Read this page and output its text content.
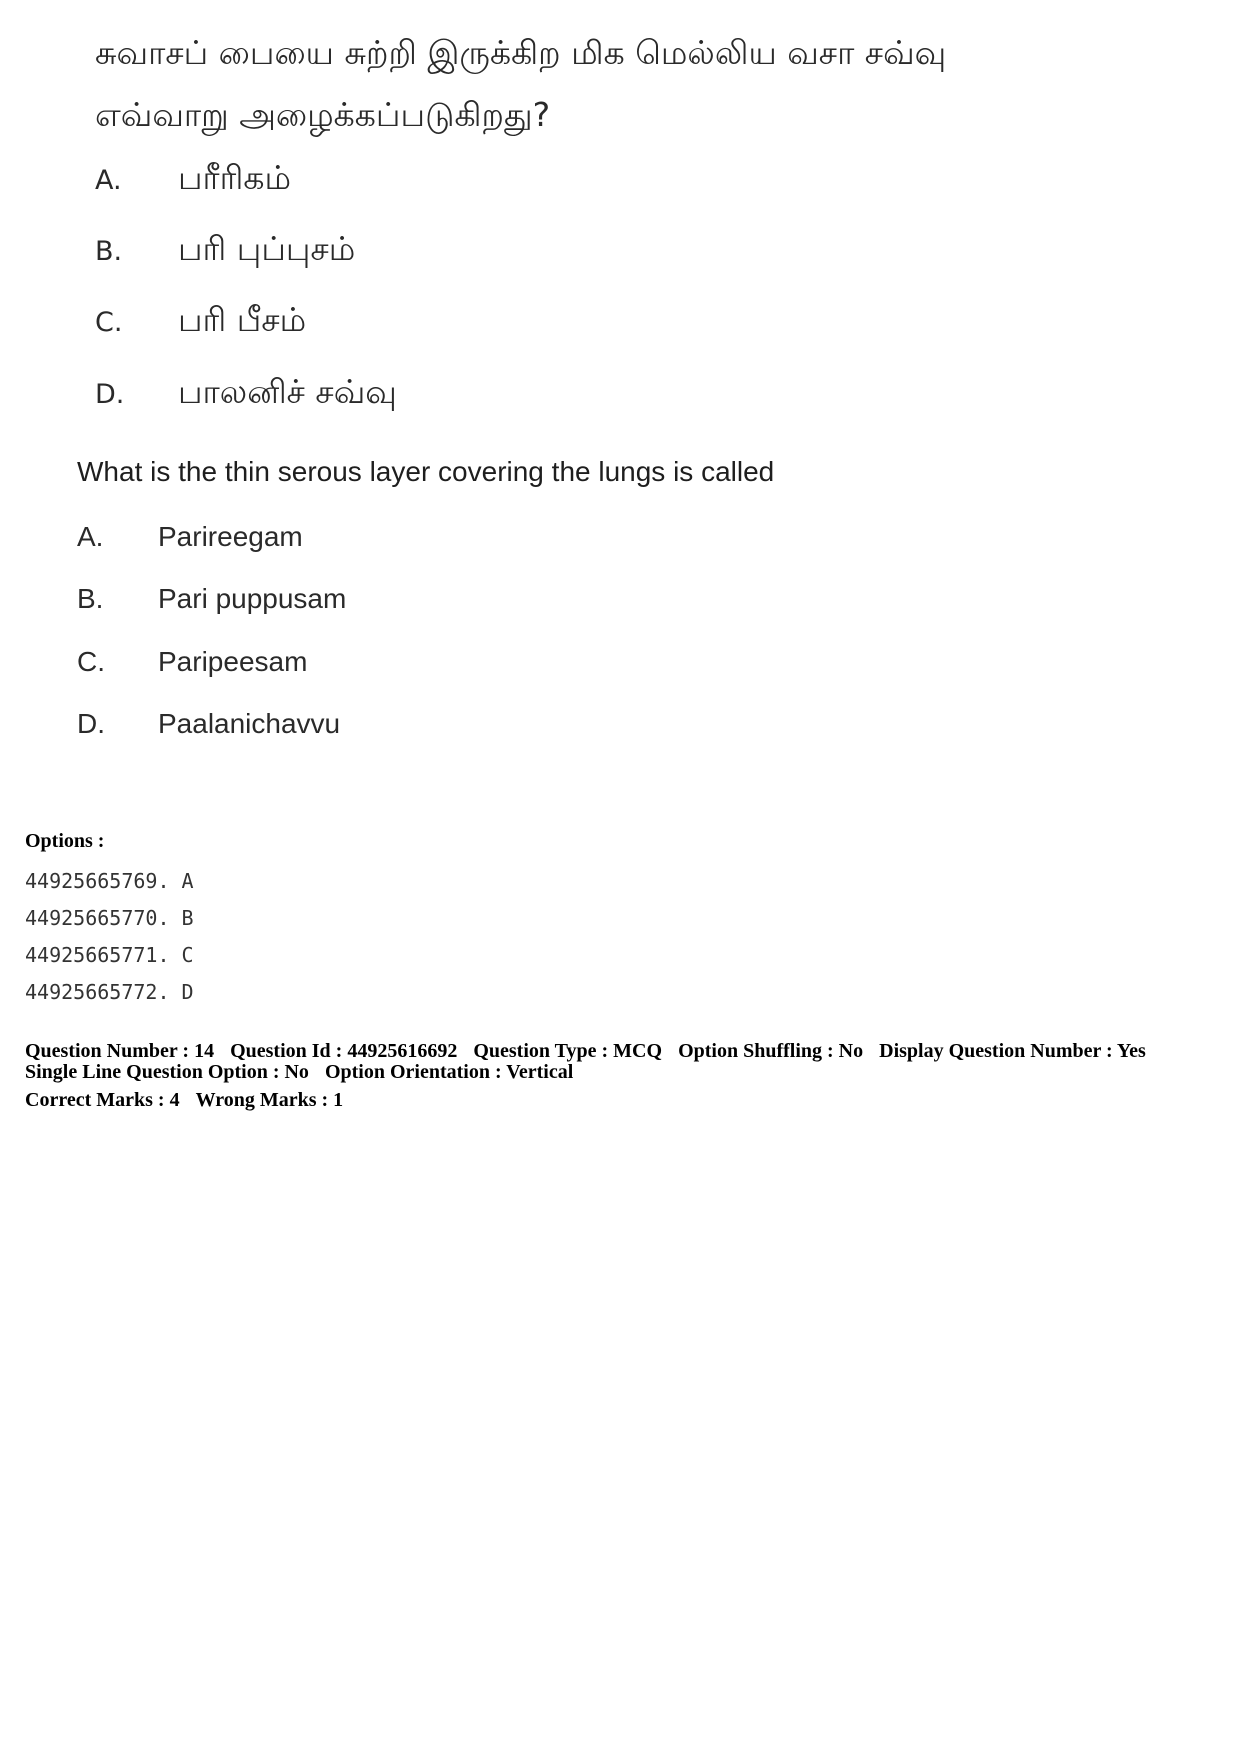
சுவாசப் பையை சுற்றி இருக்கிற மிக மெல்லிய வசா சவ்வு
எவ்வாறு அழைக்கப்படுகிறது?
A.	பரீரிகம்
B.	பரி புப்புசம்
C.	பரி பீசம்
D.	பாலனிச் சவ்வு
What is the thin serous layer covering the lungs is called
A.	Parireegam
B.	Pari puppusam
C.	Paripeesam
D.	Paalanichavvu
Options :
44925665769. A
44925665770. B
44925665771. C
44925665772. D
Question Number : 14 Question Id : 44925616692 Question Type : MCQ Option Shuffling : No Display Question Number : Yes
Single Line Question Option : No Option Orientation : Vertical
Correct Marks : 4 Wrong Marks : 1
